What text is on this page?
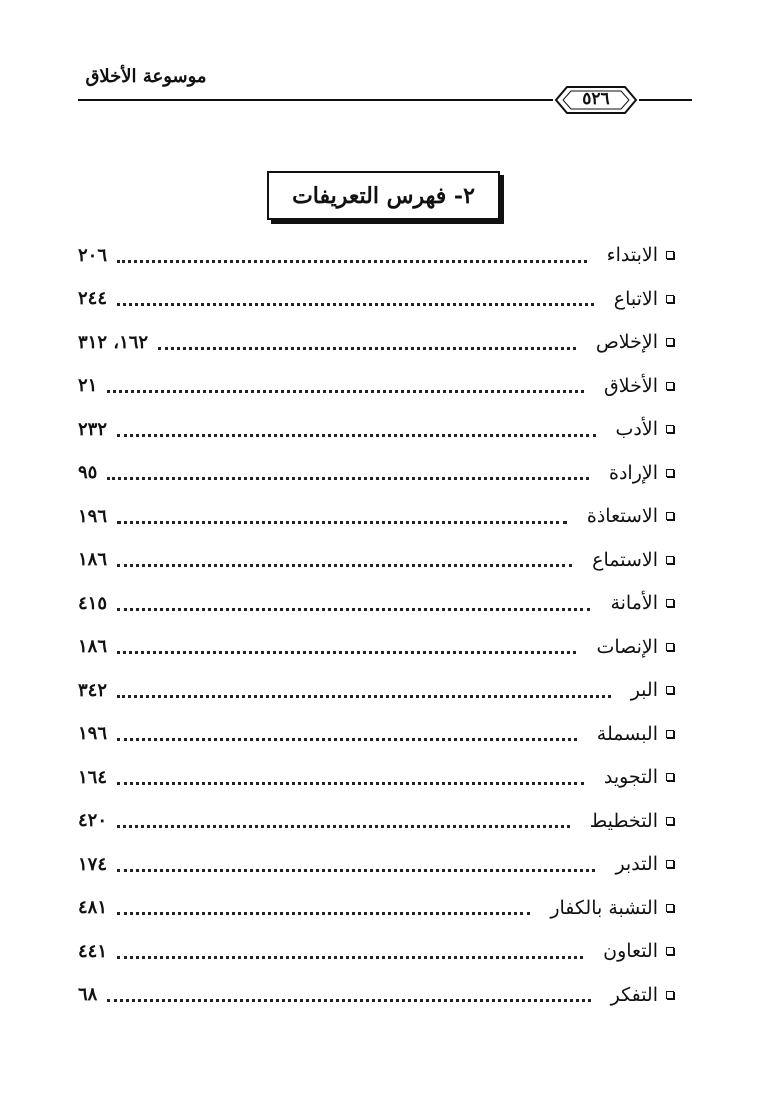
موسوعة الأخلاق
٥٢٦
٢- فهرس التعريفات
الابتداء
٢٠٦
الاتباع
٢٤٤
الإخلاص
١٦٢، ٣١٢
الأخلاق
٢١
الأدب
٢٣٢
الإرادة
٩٥
الاستعاذة
١٩٦
الاستماع
١٨٦
الأمانة
٤١٥
الإنصات
١٨٦
البر
٣٤٢
البسملة
١٩٦
التجويد
١٦٤
التخطيط
٤٢٠
التدبر
١٧٤
التشبة بالكفار
٤٨١
التعاون
٤٤١
التفكر
٦٨
